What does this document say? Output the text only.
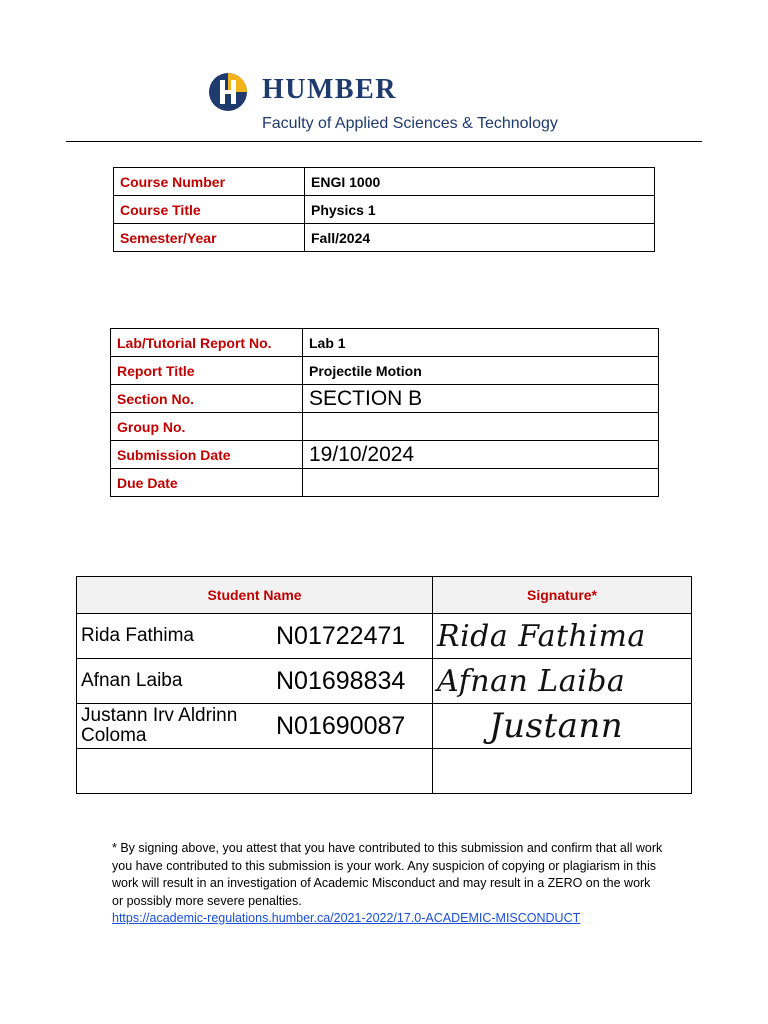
HUMBER
Faculty of Applied Sciences & Technology
Course Number	ENGI 1000
Course Title	Physics 1
Semester/Year	Fall/2024
Lab/Tutorial Report No.	Lab 1
Report Title	Projectile Motion
Section No.	SECTION B
Group No.	
Submission Date	19/10/2024
Due Date	
Student Name	Signature*
Rida Fathima N01722471	Rida Fathima
Afnan Laiba N01698834	Afnan Laiba
Justann Irv Aldrinn Coloma N01690087	Justann

* By signing above, you attest that you have contributed to this submission and confirm that all work you have contributed to this submission is your work. Any suspicion of copying or plagiarism in this work will result in an investigation of Academic Misconduct and may result in a ZERO on the work or possibly more severe penalties.
https://academic-regulations.humber.ca/2021-2022/17.0-ACADEMIC-MISCONDUCT
